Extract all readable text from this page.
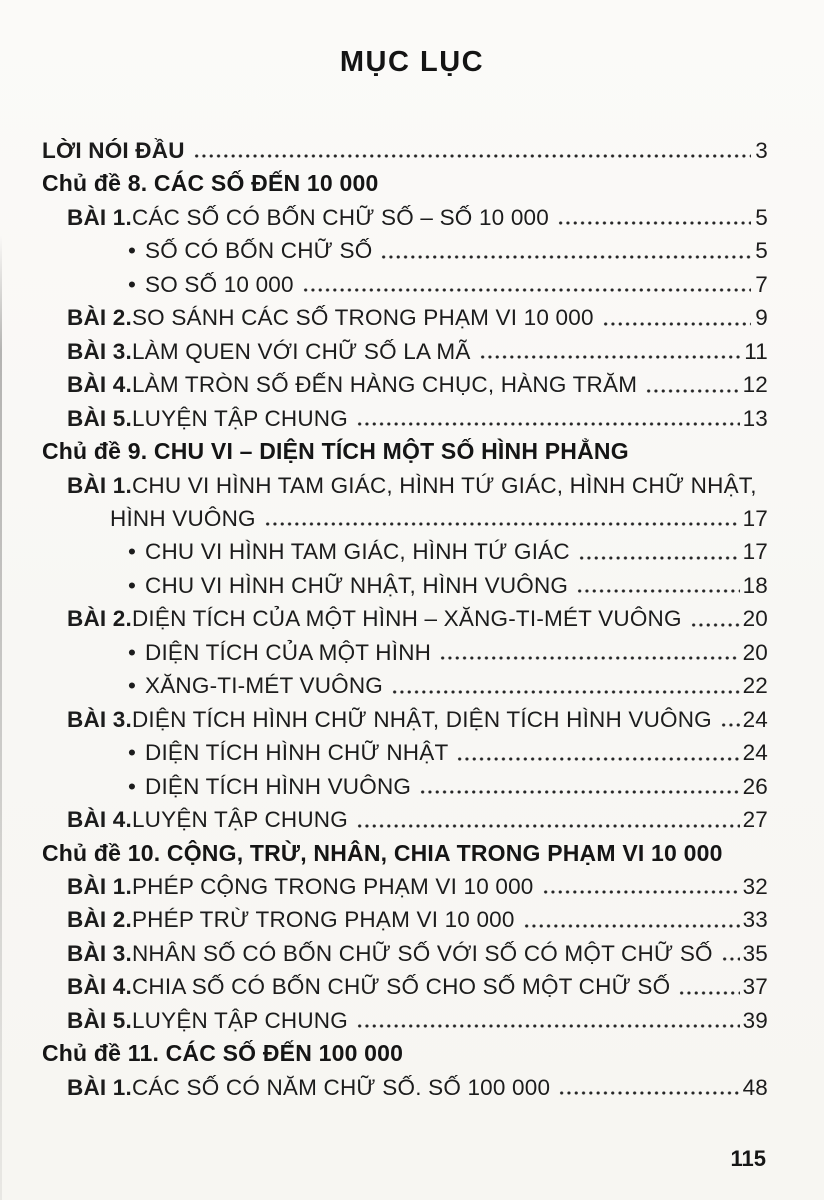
MỤC LỤC
LỜI NÓI ĐẦU	3
Chủ đề 8. CÁC SỐ ĐẾN 10 000
BÀI 1. CÁC SỐ CÓ BỐN CHỮ SỐ – SỐ 10 000	5
• SỐ CÓ BỐN CHỮ SỐ	5
• SO SỐ 10 000	7
BÀI 2. SO SÁNH CÁC SỐ TRONG PHẠM VI 10 000	9
BÀI 3. LÀM QUEN VỚI CHỮ SỐ LA MÃ	11
BÀI 4. LÀM TRÒN SỐ ĐẾN HÀNG CHỤC, HÀNG TRĂM	12
BÀI 5. LUYỆN TẬP CHUNG	13
Chủ đề 9. CHU VI – DIỆN TÍCH MỘT SỐ HÌNH PHẲNG
BÀI 1. CHU VI HÌNH TAM GIÁC, HÌNH TỨ GIÁC, HÌNH CHỮ NHẬT,
HÌNH VUÔNG	17
• CHU VI HÌNH TAM GIÁC, HÌNH TỨ GIÁC	17
• CHU VI HÌNH CHỮ NHẬT, HÌNH VUÔNG	18
BÀI 2. DIỆN TÍCH CỦA MỘT HÌNH – XĂNG-TI-MÉT VUÔNG	20
• DIỆN TÍCH CỦA MỘT HÌNH	20
• XĂNG-TI-MÉT VUÔNG	22
BÀI 3. DIỆN TÍCH HÌNH CHỮ NHẬT, DIỆN TÍCH HÌNH VUÔNG 24
• DIỆN TÍCH HÌNH CHỮ NHẬT	24
• DIỆN TÍCH HÌNH VUÔNG	26
BÀI 4. LUYỆN TẬP CHUNG	27
Chủ đề 10. CỘNG, TRỪ, NHÂN, CHIA TRONG PHẠM VI 10 000
BÀI 1. PHÉP CỘNG TRONG PHẠM VI 10 000	32
BÀI 2. PHÉP TRỪ TRONG PHẠM VI 10 000	33
BÀI 3. NHÂN SỐ CÓ BỐN CHỮ SỐ VỚI SỐ CÓ MỘT CHỮ SỐ 35
BÀI 4. CHIA SỐ CÓ BỐN CHỮ SỐ CHO SỐ MỘT CHỮ SỐ	37
BÀI 5. LUYỆN TẬP CHUNG	39
Chủ đề 11. CÁC SỐ ĐẾN 100 000
BÀI 1. CÁC SỐ CÓ NĂM CHỮ SỐ. SỐ 100 000	48
115
